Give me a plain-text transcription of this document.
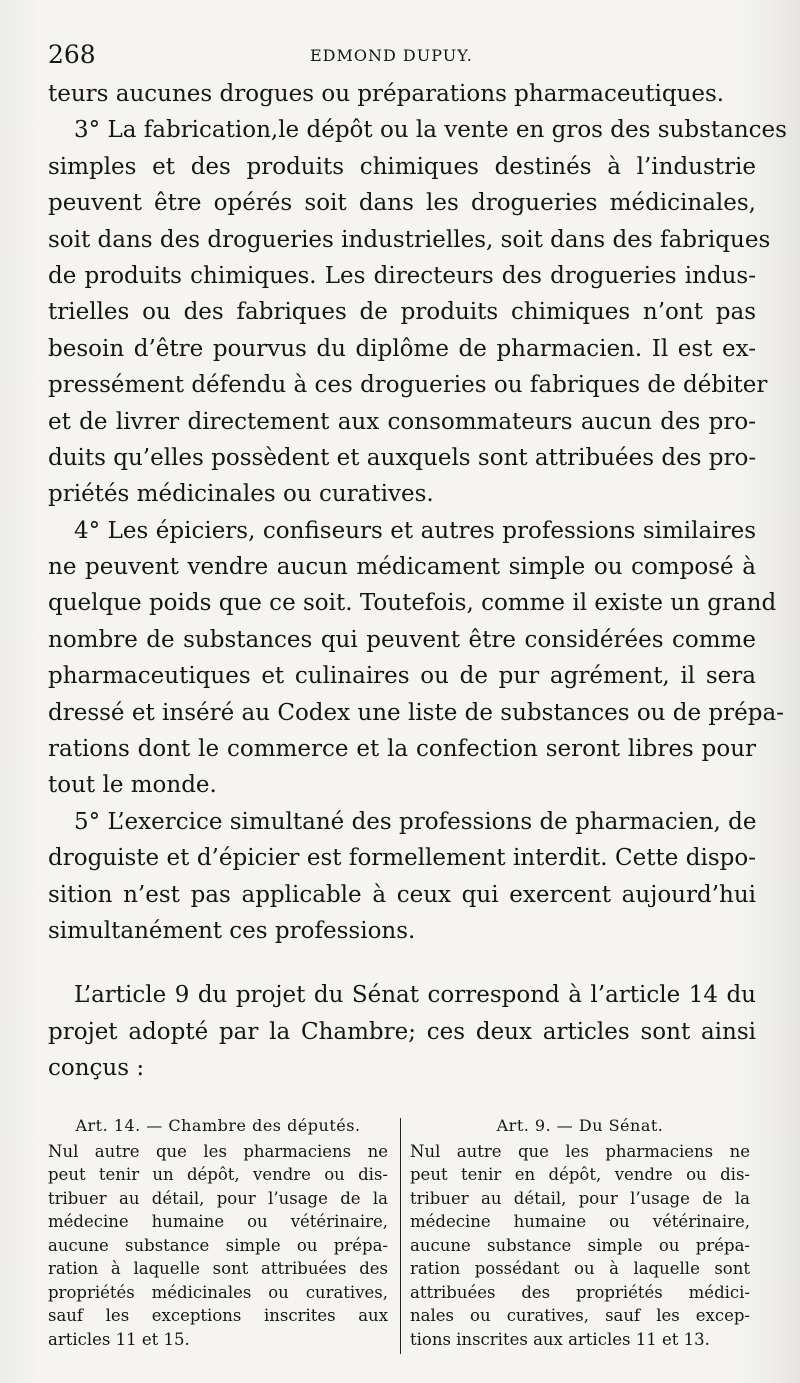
268	EDMOND DUPUY.
teurs aucunes drogues ou préparations pharmaceutiques.
3° La fabrication,le dépôt ou la vente en gros des substances
simples et des produits chimiques destinés à l’industrie
peuvent être opérés soit dans les drogueries médicinales,
soit dans des drogueries industrielles, soit dans des fabriques
de produits chimiques. Les directeurs des drogueries indus-
trielles ou des fabriques de produits chimiques n’ont pas
besoin d’être pourvus du diplôme de pharmacien. Il est ex-
pressément défendu à ces drogueries ou fabriques de débiter
et de livrer directement aux consommateurs aucun des pro-
duits qu’elles possèdent et auxquels sont attribuées des pro-
priétés médicinales ou curatives.
4° Les épiciers, confiseurs et autres professions similaires
ne peuvent vendre aucun médicament simple ou composé à
quelque poids que ce soit. Toutefois, comme il existe un grand
nombre de substances qui peuvent être considérées comme
pharmaceutiques et culinaires ou de pur agrément, il sera
dressé et inséré au Codex une liste de substances ou de prépa-
rations dont le commerce et la confection seront libres pour
tout le monde.
5° L’exercice simultané des professions de pharmacien, de
droguiste et d’épicier est formellement interdit. Cette dispo-
sition n’est pas applicable à ceux qui exercent aujourd’hui
simultanément ces professions.
L’article 9 du projet du Sénat correspond à l’article 14 du
projet adopté par la Chambre; ces deux articles sont ainsi
conçus :
Art. 14. — Chambre des députés.
Nul autre que les pharmaciens ne
peut tenir un dépôt, vendre ou dis-
tribuer au détail, pour l’usage de la
médecine humaine ou vétérinaire,
aucune substance simple ou prépa-
ration à laquelle sont attribuées des
propriétés médicinales ou curatives,
sauf les exceptions inscrites aux
articles 11 et 15.
Art. 9. — Du Sénat.
Nul autre que les pharmaciens ne
peut tenir en dépôt, vendre ou dis-
tribuer au détail, pour l’usage de la
médecine humaine ou vétérinaire,
aucune substance simple ou prépa-
ration possédant ou à laquelle sont
attribuées des propriétés médici-
nales ou curatives, sauf les excep-
tions inscrites aux articles 11 et 13.
